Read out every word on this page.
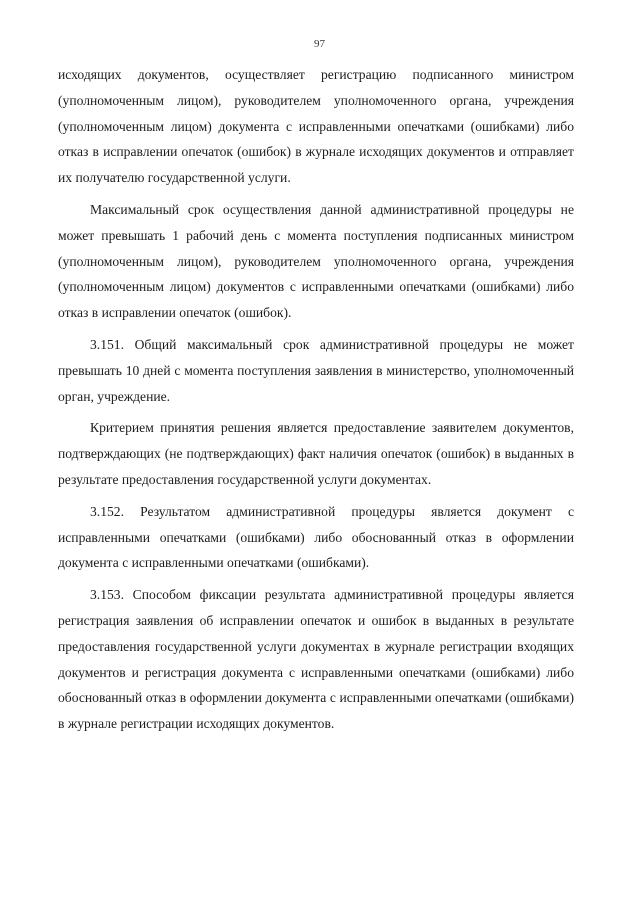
97

исходящих документов, осуществляет регистрацию подписанного министром (уполномоченным лицом), руководителем уполномоченного органа, учреждения (уполномоченным лицом) документа с исправленными опечатками (ошибками) либо отказ в исправлении опечаток (ошибок) в журнале исходящих документов и отправляет их получателю государственной услуги.

Максимальный срок осуществления данной административной процедуры не может превышать 1 рабочий день с момента поступления подписанных министром (уполномоченным лицом), руководителем уполномоченного органа, учреждения (уполномоченным лицом) документов с исправленными опечатками (ошибками) либо отказ в исправлении опечаток (ошибок).

3.151. Общий максимальный срок административной процедуры не может превышать 10 дней с момента поступления заявления в министерство, уполномоченный орган, учреждение.

Критерием принятия решения является предоставление заявителем документов, подтверждающих (не подтверждающих) факт наличия опечаток (ошибок) в выданных в результате предоставления государственной услуги документах.

3.152. Результатом административной процедуры является документ с исправленными опечатками (ошибками) либо обоснованный отказ в оформлении документа с исправленными опечатками (ошибками).

3.153. Способом фиксации результата административной процедуры является регистрация заявления об исправлении опечаток и ошибок в выданных в результате предоставления государственной услуги документах в журнале регистрации входящих документов и регистрация документа с исправленными опечатками (ошибками) либо обоснованный отказ в оформлении документа с исправленными опечатками (ошибками) в журнале регистрации исходящих документов.
